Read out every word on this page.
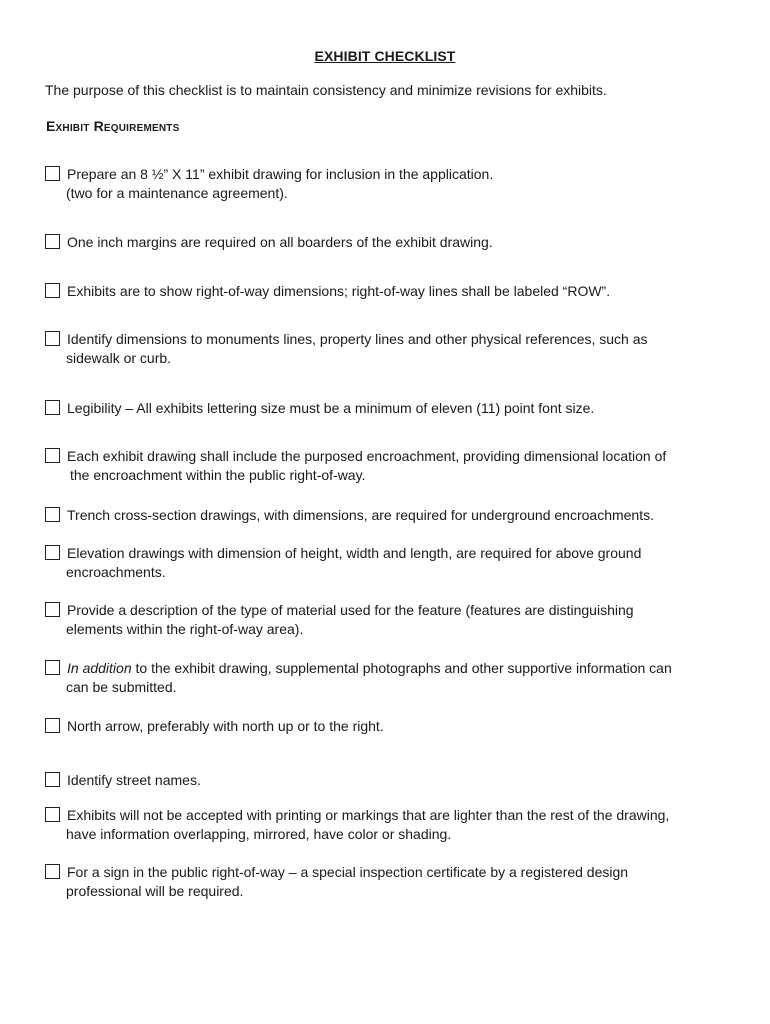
EXHIBIT CHECKLIST
The purpose of this checklist is to maintain consistency and minimize revisions for exhibits.
Exhibit Requirements
Prepare an 8 ½” X 11” exhibit drawing for inclusion in the application.
(two for a maintenance agreement).
One inch margins are required on all boarders of the exhibit drawing.
Exhibits are to show right-of-way dimensions; right-of-way lines shall be labeled “ROW”.
Identify dimensions to monuments lines, property lines and other physical references, such as
sidewalk or curb.
Legibility – All exhibits lettering size must be a minimum of eleven (11) point font size.
Each exhibit drawing shall include the purposed encroachment, providing dimensional location of
the encroachment within the public right-of-way.
Trench cross-section drawings, with dimensions, are required for underground encroachments.
Elevation drawings with dimension of height, width and length, are required for above ground
encroachments.
Provide a description of the type of material used for the feature (features are distinguishing
elements within the right-of-way area).
In addition to the exhibit drawing, supplemental photographs and other supportive information can
can be submitted.
North arrow, preferably with north up or to the right.
Identify street names.
Exhibits will not be accepted with printing or markings that are lighter than the rest of the drawing,
have information overlapping, mirrored, have color or shading.
For a sign in the public right-of-way – a special inspection certificate by a registered design
professional will be required.
